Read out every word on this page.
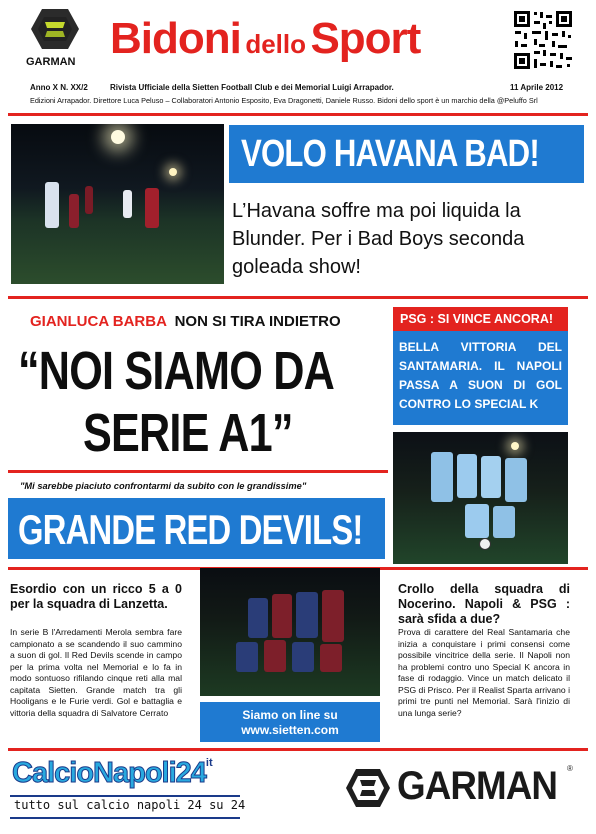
GARMAN Bidoni dello Sport
Anno X N. XX/2	Rivista Ufficiale della Sietten Football Club e dei Memorial Luigi Arrapador.	11 Aprile 2012
Edizioni Arrapador. Direttore Luca Peluso – Collaboratori Antonio Esposito, Eva Dragonetti, Daniele Russo. Bidoni dello sport è un marchio della @Peluffo Srl
VOLO HAVANA BAD!
L’Havana soffre ma poi liquida la Blunder. Per i Bad Boys seconda goleada show!
GIANLUCA BARBA NON SI TIRA INDIETRO
“NOI SIAMO DA
SERIE A1”
"Mi sarebbe piaciuto confrontarmi da subito con le grandissime"
PSG : SI VINCE ANCORA!
BELLA VITTORIA DEL SANTAMARIA. IL NAPOLI PASSA A SUON DI GOL CONTRO LO SPECIAL K
GRANDE RED DEVILS!
Esordio con un ricco 5 a 0 per la squadra di Lanzetta.
In serie B l'Arredamenti Merola sembra fare campionato a se scandendo il suo cammino a suon di gol. Il Red Devils scende in campo per la prima volta nel Memorial e lo fa in modo sontuoso rifilando cinque reti alla mal capitata Sietten. Grande match tra gli Hooligans e le Furie verdi. Gol e battaglia e vittoria della squadra di Salvatore Cerrato	Siamo on line su
www.sietten.com
Crollo della squadra di Nocerino. Napoli & PSG : sarà sfida a due?
Prova di carattere del Real Santamaria che inizia a conquistare i primi consensi come possibile vincitrice della serie. Il Napoli non ha problemi contro uno Special K ancora in fase di rodaggio. Vince un match delicato il PSG di Prisco. Per il Realist Sparta arrivano i primi tre punti nel Memorial. Sarà l'inizio di una lunga serie?
$CalcioNapoli24^{it}$
tutto sul calcio napoli 24 su 24	GARMAN ®
